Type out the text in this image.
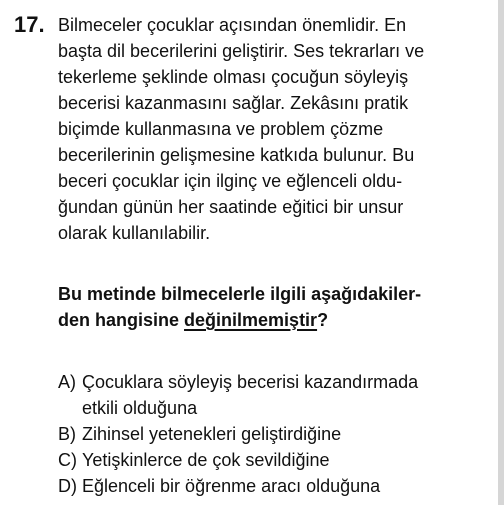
17. Bilmeceler çocuklar açısından önemlidir. En
başta dil becerilerini geliştirir. Ses tekrarları ve
tekerleme şeklinde olması çocuğun söyleyiş
becerisi kazanmasını sağlar. Zekâsını pratik
biçimde kullanmasına ve problem çözme
becerilerinin gelişmesine katkıda bulunur. Bu
beceri çocuklar için ilginç ve eğlenceli oldu-
ğundan günün her saatinde eğitici bir unsur
olarak kullanılabilir.
Bu metinde bilmecelerle ilgili aşağıdakiler-
den hangisine değinilmemiştir?
A) Çocuklara söyleyiş becerisi kazandırmada
etkili olduğuna
B) Zihinsel yetenekleri geliştirdiğine
C) Yetişkinlerce de çok sevildiğine
D) Eğlenceli bir öğrenme aracı olduğuna
